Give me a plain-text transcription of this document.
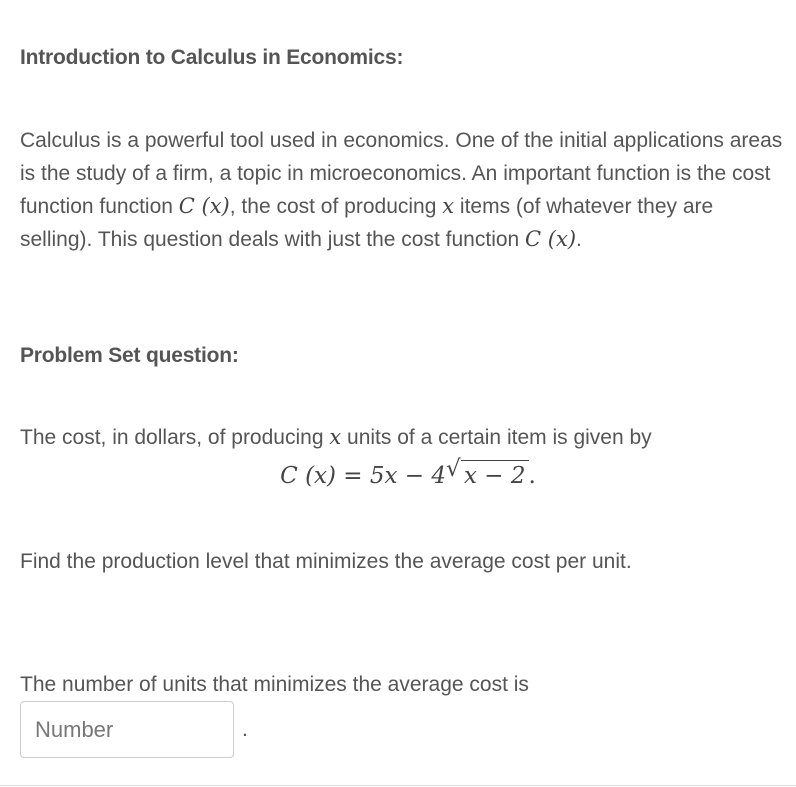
Introduction to Calculus in Economics:
Calculus is a powerful tool used in economics. One of the initial applications areas is the study of a firm, a topic in microeconomics. An important function is the cost function function C (x), the cost of producing x items (of whatever they are selling). This question deals with just the cost function C (x).
Problem Set question:
The cost, in dollars, of producing x units of a certain item is given by
C (x) = 5x − 4 √ x − 2 .
Find the production level that minimizes the average cost per unit.
The number of units that minimizes the average cost is
Number
.
